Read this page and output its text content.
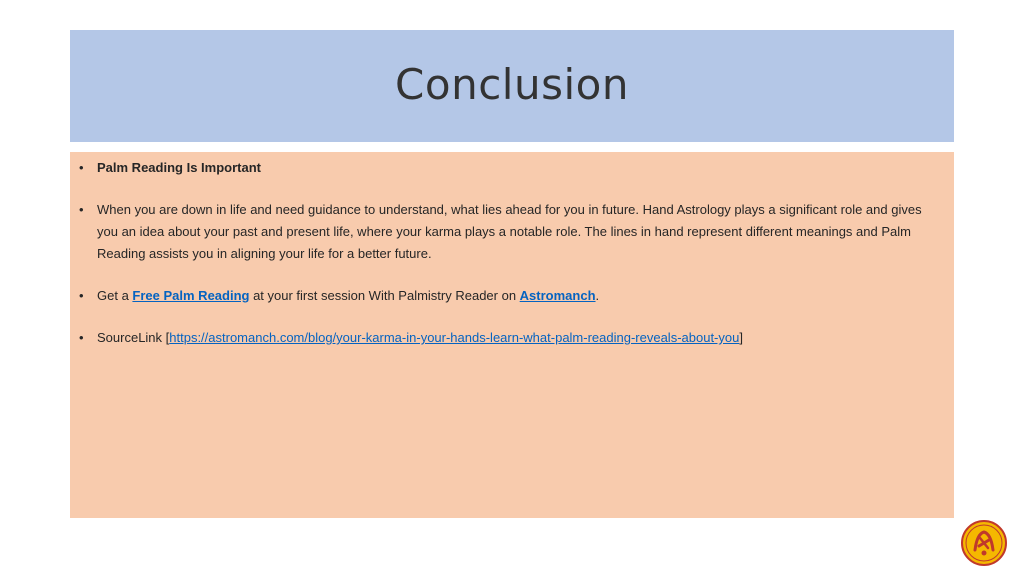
Conclusion
• Palm Reading Is Important
• When you are down in life and need guidance to understand, what lies ahead for you in future. Hand Astrology plays a significant role and gives you an idea about your past and present life, where your karma plays a notable role. The lines in hand represent different meanings and Palm Reading assists you in aligning your life for a better future.
• Get a Free Palm Reading at your first session With Palmistry Reader on Astromanch.
• SourceLink [https://astromanch.com/blog/your-karma-in-your-hands-learn-what-palm-reading-reveals-about-you]
